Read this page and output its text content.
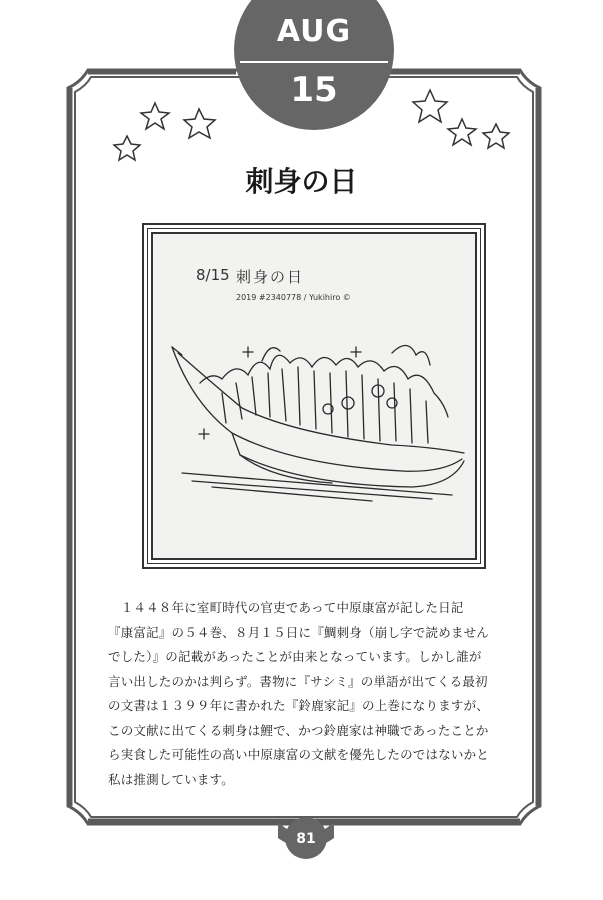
AUG
15
刺身の日
8/15 刺身の日
2019 #2340778 / Yukihiro ©

　１４４８年に室町時代の官吏であって中原康富が記した日記

『康富記』の５４巻、８月１５日に『鯛刺身（崩し字で読めません

でした）』の記載があったことが由来となっています。しかし誰が

言い出したのかは判らず。書物に『サシミ』の単語が出てくる最初

の文書は１３９９年に書かれた『鈴鹿家記』の上巻になりますが、

この文献に出てくる刺身は鯉で、かつ鈴鹿家は神職であったことか

ら実食した可能性の高い中原康富の文献を優先したのではないかと

私は推測しています。

81
